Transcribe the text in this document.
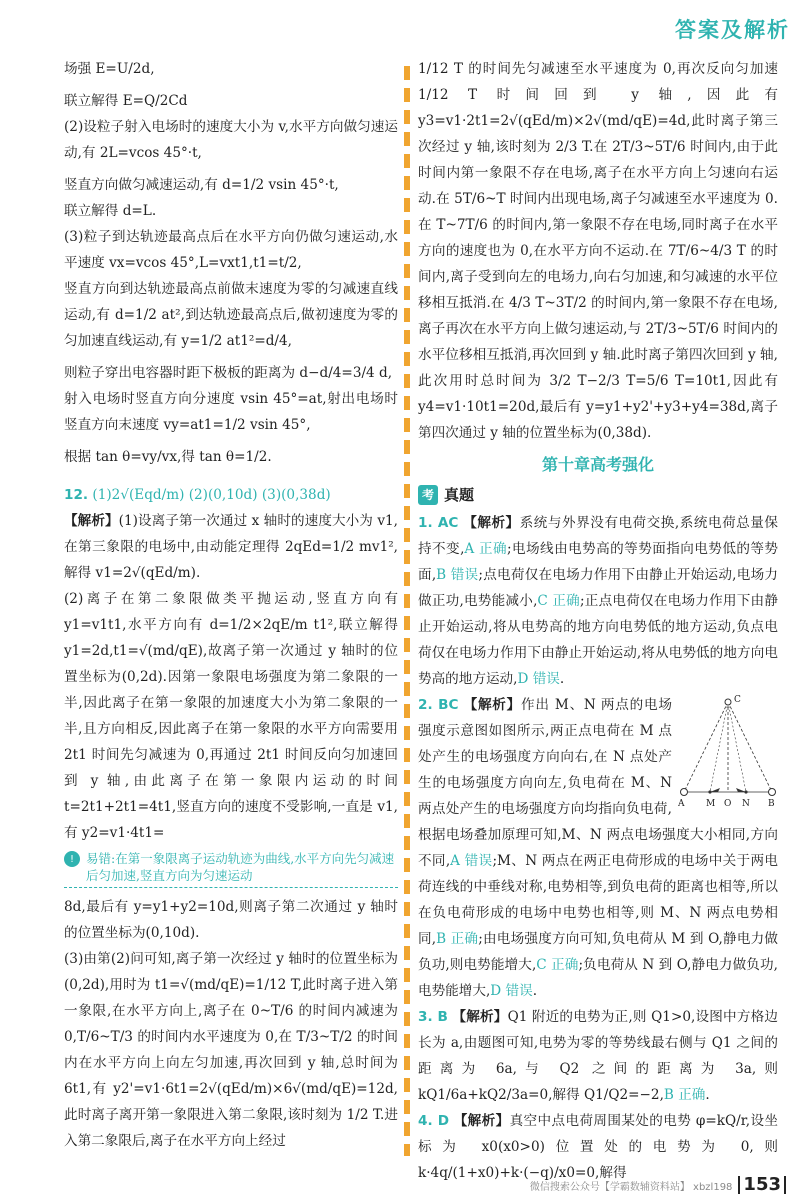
答案及解析

场强 E=U/2d,

联立解得 E=Q/2Cd

(2)设粒子射入电场时的速度大小为 v,水平方向做匀速运动,有 2L=vcos 45°·t,

竖直方向做匀减速运动,有 d=1/2 vsin 45°·t,

联立解得 d=L.

(3)粒子到达轨迹最高点后在水平方向仍做匀速运动,水平速度 vx=vcos 45°,L=vxt1,t1=t/2,

竖直方向到达轨迹最高点前做末速度为零的匀减速直线运动,有 d=1/2 at²,到达轨迹最高点后,做初速度为零的匀加速直线运动,有 y=1/2 at1²=d/4,

则粒子穿出电容器时距下极板的距离为 d−d/4=3/4 d,

射入电场时竖直方向分速度 vsin 45°=at,射出电场时竖直方向末速度 vy=at1=1/2 vsin 45°,

根据 tan θ=vy/vx,得 tan θ=1/2.

12. (1)2√(Eqd/m) (2)(0,10d) (3)(0,38d)

【解析】(1)设离子第一次通过 x 轴时的速度大小为 v1,在第三象限的电场中,由动能定理得 2qEd=1/2 mv1²,解得 v1=2√(qEd/m).

(2)离子在第二象限做类平抛运动,竖直方向有 y1=v1t1,水平方向有 d=1/2×2qE/m t1²,联立解得 y1=2d,t1=√(md/qE),故离子第一次通过 y 轴时的位置坐标为(0,2d).因第一象限电场强度为第二象限的一半,因此离子在第一象限的加速度大小为第二象限的一半,且方向相反,因此离子在第一象限的水平方向需要用 2t1 时间先匀减速为 0,再通过 2t1 时间反向匀加速回到 y 轴,由此离子在第一象限内运动的时间 t=2t1+2t1=4t1,竖直方向的速度不受影响,一直是 v1,有 y2=v1·4t1=

! 易错:在第一象限离子运动轨迹为曲线,水平方向先匀减速后匀加速,竖直方向为匀速运动

8d,最后有 y=y1+y2=10d,则离子第二次通过 y 轴时的位置坐标为(0,10d).

(3)由第(2)问可知,离子第一次经过 y 轴时的位置坐标为(0,2d),用时为 t1=√(md/qE)=1/12 T,此时离子进入第一象限,在水平方向上,离子在 0~T/6 的时间内减速为 0,T/6~T/3 的时间内水平速度为 0,在 T/3~T/2 的时间内在水平方向上向左匀加速,再次回到 y 轴,总时间为 6t1,有 y2'=v1·6t1=2√(qEd/m)×6√(md/qE)=12d,此时离子离开第一象限进入第二象限,该时刻为 1/2 T.进入第二象限后,离子在水平方向上经过

1/12 T 的时间先匀减速至水平速度为 0,再次反向匀加速 1/12 T 时间回到 y 轴,因此有 y3=v1·2t1=2√(qEd/m)×2√(md/qE)=4d,此时离子第三次经过 y 轴,该时刻为 2/3 T.在 2T/3~5T/6 时间内,由于此时间内第一象限不存在电场,离子在水平方向上匀速向右运动.在 5T/6~T 时间内出现电场,离子匀减速至水平速度为 0.在 T~7T/6 的时间内,第一象限不存在电场,同时离子在水平方向的速度也为 0,在水平方向不运动.在 7T/6~4/3 T 的时间内,离子受到向左的电场力,向右匀加速,和匀减速的水平位移相互抵消.在 4/3 T~3T/2 的时间内,第一象限不存在电场,离子再次在水平方向上做匀速运动,与 2T/3~5T/6 时间内的水平位移相互抵消,再次回到 y 轴.此时离子第四次回到 y 轴,此次用时总时间为 3/2 T−2/3 T=5/6 T=10t1,因此有 y4=v1·10t1=20d,最后有 y=y1+y2'+y3+y4=38d,离子第四次通过 y 轴的位置坐标为(0,38d).

第十章高考强化
考 真题

1. AC 【解析】系统与外界没有电荷交换,系统电荷总量保持不变,A 正确;电场线由电势高的等势面指向电势低的等势面,B 错误;点电荷仅在电场力作用下由静止开始运动,电场力做正功,电势能减小,C 正确;正点电荷仅在电场力作用下由静止开始运动,将从电势高的地方向电势低的地方运动,负点电荷仅在电场力作用下由静止开始运动,将从电势低的地方向电势高的地方运动,D 错误.

C
A M O N B

2. BC 【解析】作出 M、N 两点的电场强度示意图如图所示,两正点电荷在 M 点处产生的电场强度方向向右,在 N 点处产生的电场强度方向向左,负电荷在 M、N 两点处产生的电场强度方向均指向负电荷,根据电场叠加原理可知,M、N 两点电场强度大小相同,方向不同,A 错误;M、N 两点在两正电荷形成的电场中关于两电荷连线的中垂线对称,电势相等,到负电荷的距离也相等,所以在负电荷形成的电场中电势也相等,则 M、N 两点电势相同,B 正确;由电场强度方向可知,负电荷从 M 到 O,静电力做负功,则电势能增大,C 正确;负电荷从 N 到 O,静电力做负功,电势能增大,D 错误.

3. B 【解析】Q1 附近的电势为正,则 Q1>0,设图中方格边长为 a,由题图可知,电势为零的等势线最右侧与 Q1 之间的距离为 6a,与 Q2 之间的距离为 3a,则 kQ1/6a+kQ2/3a=0,解得 Q1/Q2=−2,B 正确.

4. D 【解析】真空中点电荷周围某处的电势 φ=kQ/r,设坐标为 x0(x0>0)位置处的电势为 0,则 k·4q/(1+x0)+k·(−q)/x0=0,解得

微信搜索公众号【学霸数辅资料站】 xbzl198 153
